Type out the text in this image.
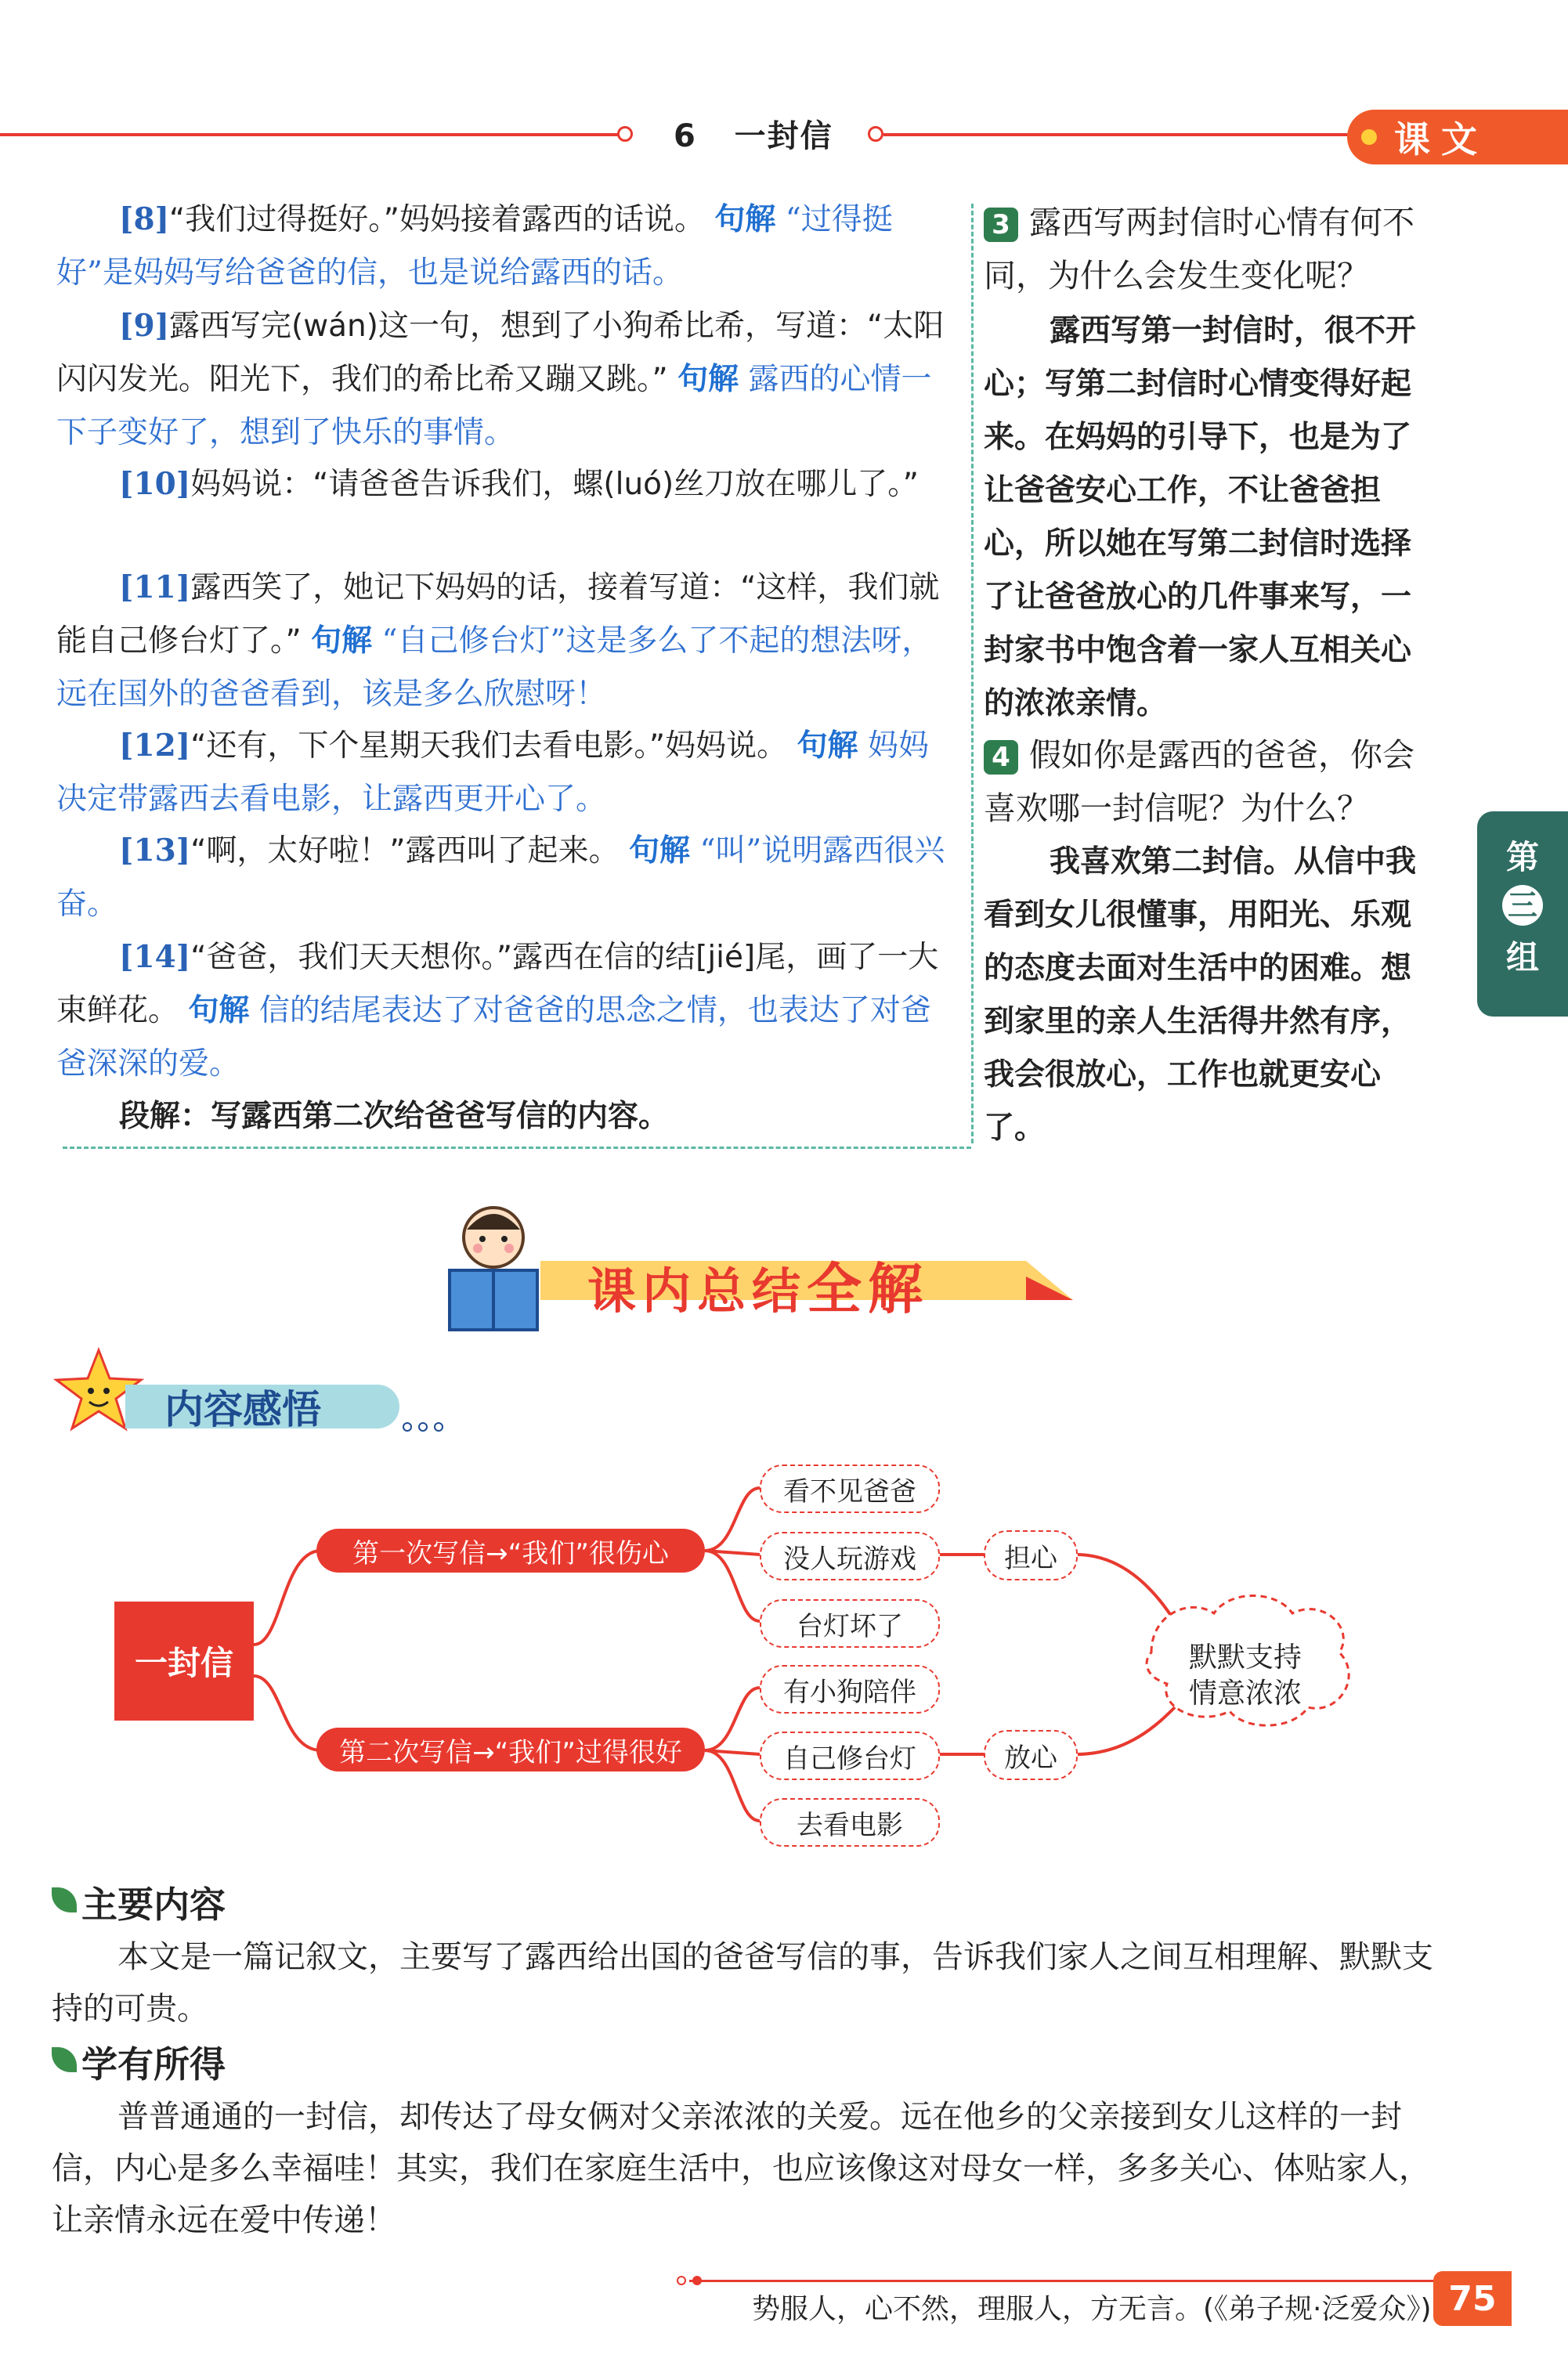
6 一封信	课文
[8]“我们过得挺好。”妈妈接着露西的话说。 句解 “过得挺好”是妈妈写给爸爸的信，也是说给露西的话。
[9]露西写完(wán)这一句，想到了小狗希比希，写道：“太阳闪闪发光。阳光下，我们的希比希又蹦又跳。” 句解 露西的心情一下子变好了，想到了快乐的事情。
[10]妈妈说：“请爸爸告诉我们，螺(luó)丝刀放在哪儿了。”
[11]露西笑了，她记下妈妈的话，接着写道：“这样，我们就能自己修台灯了。” 句解 “自己修台灯”这是多么了不起的想法呀，远在国外的爸爸看到，该是多么欣慰呀！
[12]“还有，下个星期天我们去看电影。”妈妈说。 句解 妈妈决定带露西去看电影，让露西更开心了。
[13]“啊，太好啦！”露西叫了起来。 句解 “叫”说明露西很兴奋。
[14]“爸爸，我们天天想你。”露西在信的结[jié]尾，画了一大束鲜花。 句解 信的结尾表达了对爸爸的思念之情，也表达了对爸爸深深的爱。
段解：写露西第二次给爸爸写信的内容。
3 露西写两封信时心情有何不同，为什么会发生变化呢？
露西写第一封信时，很不开心；写第二封信时心情变得好起来。在妈妈的引导下，也是为了让爸爸安心工作，不让爸爸担心，所以她在写第二封信时选择了让爸爸放心的几件事来写，一封家书中饱含着一家人互相关心的浓浓亲情。
4 假如你是露西的爸爸，你会喜欢哪一封信呢？为什么？
我喜欢第二封信。从信中我看到女儿很懂事，用阳光、乐观的态度去面对生活中的困难。想到家里的亲人生活得井然有序，我会很放心，工作也就更安心了。
第
三
组
课内总结全解
内容感悟
一封信
第一次写信→“我们”很伤心
第二次写信→“我们”过得很好
看不见爸爸
没人玩游戏
台灯坏了
有小狗陪伴
自己修台灯
去看电影
担心
放心
默默支持
情意浓浓
主要内容
本文是一篇记叙文，主要写了露西给出国的爸爸写信的事，告诉我们家人之间互相理解、默默支持的可贵。
学有所得
普普通通的一封信，却传达了母女俩对父亲浓浓的关爱。远在他乡的父亲接到女儿这样的一封信，内心是多么幸福哇！其实，我们在家庭生活中，也应该像这对母女一样，多多关心、体贴家人，让亲情永远在爱中传递！
势服人，心不然，理服人，方无言。(《弟子规·泛爱众》) 75
